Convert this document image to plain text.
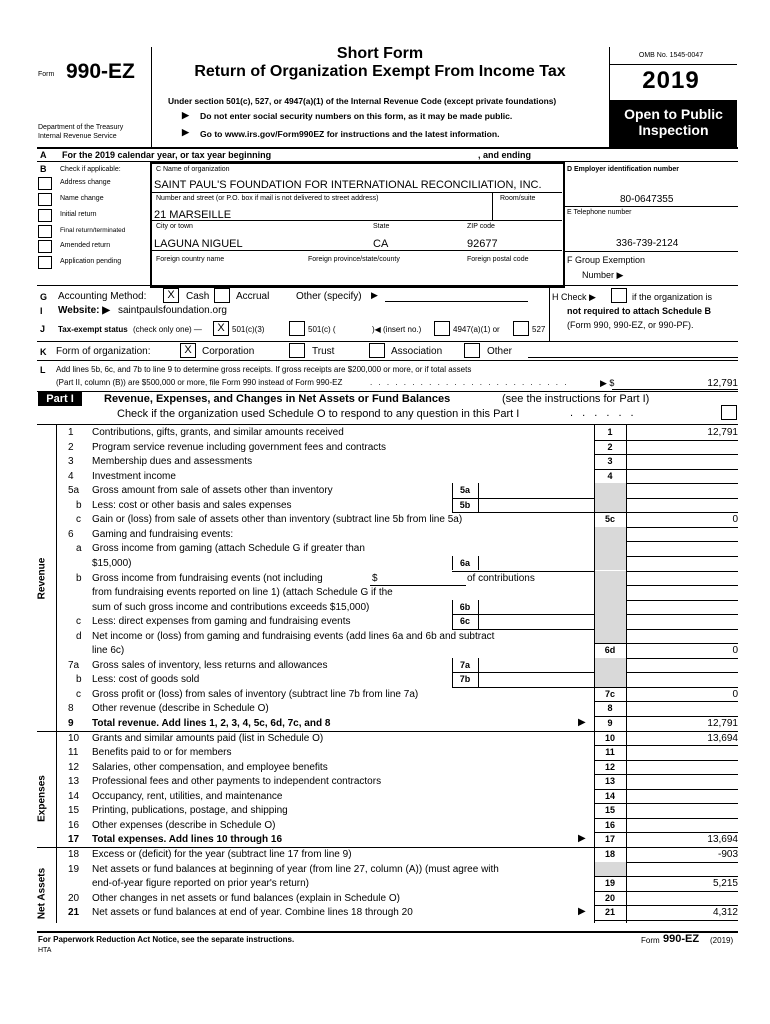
Form 990-EZ
Department of the Treasury
Internal Revenue Service
Short Form
Return of Organization Exempt From Income Tax
Under section 501(c), 527, or 4947(a)(1) of the Internal Revenue Code (except private foundations)
▶ Do not enter social security numbers on this form, as it may be made public.
▶ Go to www.irs.gov/Form990EZ for instructions and the latest information.
OMB No. 1545-0047
2019
Open to Public
Inspection
A For the 2019 calendar year, or tax year beginning	, and ending
B Check if applicable:
Address change
Name change
Initial return
Final return/terminated
Amended return
Application pending
C Name of organization
SAINT PAUL'S FOUNDATION FOR INTERNATIONAL RECONCILIATION, INC.
Number and street (or P.O. box if mail is not delivered to street address)	Room/suite
21 MARSEILLE
City or town	State	ZIP code
LAGUNA NIGUEL	CA	92677
Foreign country name	Foreign province/state/county	Foreign postal code
D Employer identification number
80-0647355
E Telephone number
336-739-2124
F Group Exemption
Number ▶
G Accounting Method:	X	Cash	Accrual	Other (specify) ▶	H Check ▶	if the organization is
not required to attach Schedule B
(Form 990, 990-EZ, or 990-PF).
I Website: ▶ saintpaulsfoundation.org
J Tax-exempt status (check only one) —	X 501(c)(3)	501(c) (	)◀ (insert no.)	4947(a)(1) or	527
K Form of organization:	X	Corporation	Trust	Association	Other
L Add lines 5b, 6c, and 7b to line 9 to determine gross receipts. If gross receipts are $200,000 or more, or if total assets
(Part II, column (B)) are $500,000 or more, file Form 990 instead of Form 990-EZ	. . . . . . . . . . . . . . . . . . . . . . . .	▶ $	12,791
Part I	Revenue, Expenses, and Changes in Net Assets or Fund Balances	(see the instructions for Part I)
Check if the organization used Schedule O to respond to any question in this Part I	. . . . . .
1 Contributions, gifts, grants, and similar amounts received	1	12,791
2 Program service revenue including government fees and contracts	2
3 Membership dues and assessments	3
4 Investment income	4
5a Gross amount from sale of assets other than inventory	5a
b Less: cost or other basis and sales expenses	5b
c Gain or (loss) from sale of assets other than inventory (subtract line 5b from line 5a)	5c	0
6 Gaming and fundraising events:
a Gross income from gaming (attach Schedule G if greater than
$15,000)	6a
b Gross income from fundraising events (not including	$	of contributions
from fundraising events reported on line 1) (attach Schedule G if the
sum of such gross income and contributions exceeds $15,000)	6b
c Less: direct expenses from gaming and fundraising events	6c
d Net income or (loss) from gaming and fundraising events (add lines 6a and 6b and subtract
line 6c)	6d	0
7a Gross sales of inventory, less returns and allowances	7a
b Less: cost of goods sold	7b
c Gross profit or (loss) from sales of inventory (subtract line 7b from line 7a)	7c	0
8 Other revenue (describe in Schedule O)	8
9 Total revenue. Add lines 1, 2, 3, 4, 5c, 6d, 7c, and 8	▶	9	12,791
10 Grants and similar amounts paid (list in Schedule O)	10	13,694
11 Benefits paid to or for members	11
12 Salaries, other compensation, and employee benefits	12
13 Professional fees and other payments to independent contractors	13
14 Occupancy, rent, utilities, and maintenance	14
15 Printing, publications, postage, and shipping	15
16 Other expenses (describe in Schedule O)	16
17 Total expenses. Add lines 10 through 16	▶	17	13,694
18 Excess or (deficit) for the year (subtract line 17 from line 9)	18	-903
19 Net assets or fund balances at beginning of year (from line 27, column (A)) (must agree with
end-of-year figure reported on prior year's return)	19	5,215
20 Other changes in net assets or fund balances (explain in Schedule O)	20
21 Net assets or fund balances at end of year. Combine lines 18 through 20	▶	21	4,312
Revenue
Expenses
Net Assets
For Paperwork Reduction Act Notice, see the separate instructions.
HTA
Form 990-EZ (2019)
